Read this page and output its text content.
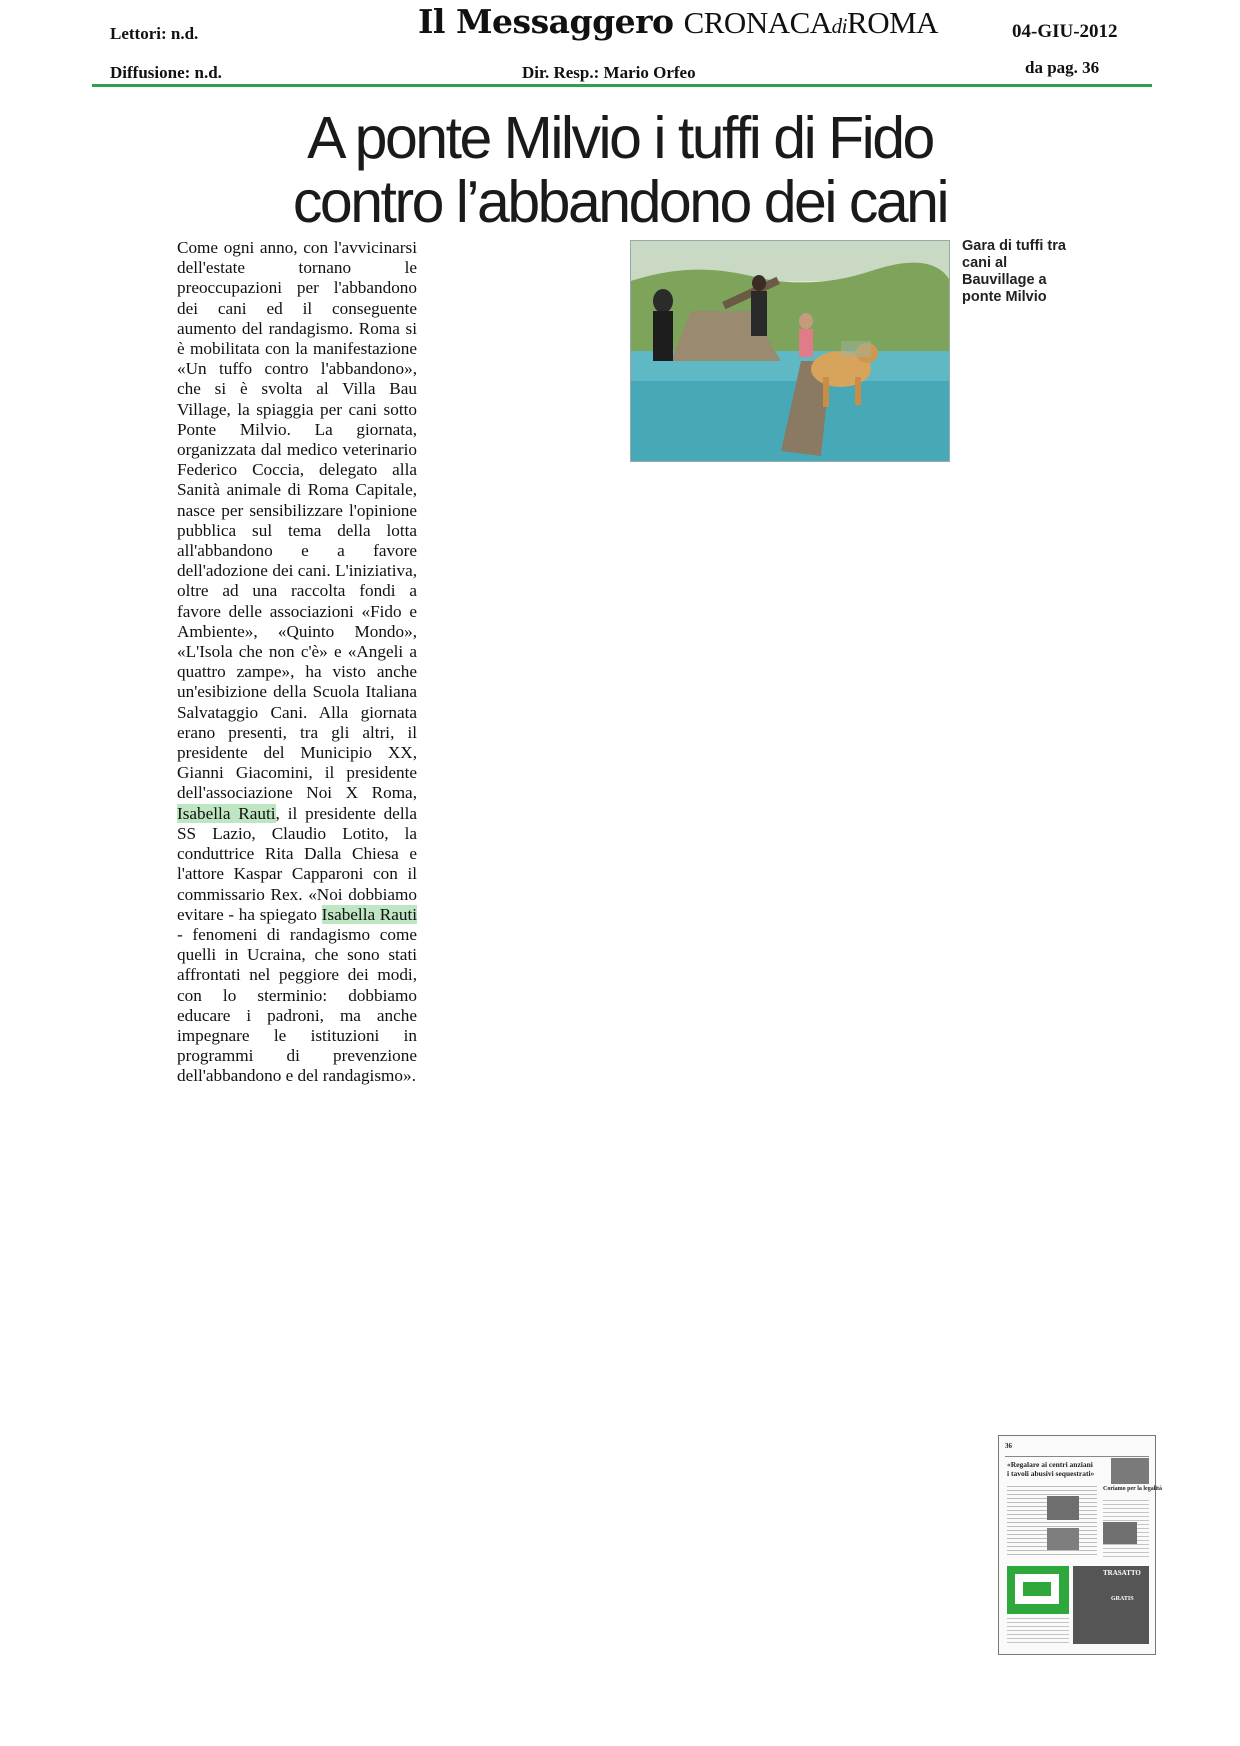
Lettori: n.d.
Diffusione: n.d.
Il Messaggero CRONACAdiROMA	04-GIU-2012
Dir. Resp.: Mario Orfeo	da pag. 36
A ponte Milvio i tuffi di Fido
contro l’abbandono dei cani

Come ogni anno, con l'avvicinarsi dell'estate tornano le preoccupazioni per l'abbandono dei cani ed il conseguente aumento del randagismo. Roma si è mobilitata con la manifestazione «Un tuffo contro l'abbandono», che si è svolta al Villa Bau Village, la spiaggia per cani sotto Ponte Milvio. La giornata, organizzata dal medico veterinario Federico Coccia, delegato alla Sanità animale di Roma Capitale, nasce per sensibilizzare l'opinione pubblica sul tema della lotta all'abbandono e a favore dell'adozione dei cani. L'iniziativa, oltre ad una raccolta fondi a favore delle associazioni «Fido e Ambiente», «Quinto Mondo», «L'Isola che non c'è» e «Angeli a quattro zampe», ha visto anche un'esibizione della Scuola Italiana Salvataggio Cani. Alla giornata erano presenti, tra gli altri, il presidente del Municipio XX, Gianni Giacomini, il presidente dell'associazione Noi X Roma, Isabella Rauti, il presidente della SS Lazio, Claudio Lotito, la conduttrice Rita Dalla Chiesa e l'attore Kaspar Capparoni con il commissario Rex. «Noi dobbiamo evitare - ha spiegato Isabella Rauti - fenomeni di randagismo come quelli in Ucraina, che sono stati affrontati nel peggiore dei modi, con lo sterminio: dobbiamo educare i padroni, ma anche impegnare le istituzioni in programmi di prevenzione dell'abbandono e del randagismo».

Gara di tuffi tra cani al Bauvillage a ponte Milvio
36
«Regalare ai centri anziani
i tavoli abusivi sequestrati»
Coriamo per la legalità
TRASATTO
GRATIS
